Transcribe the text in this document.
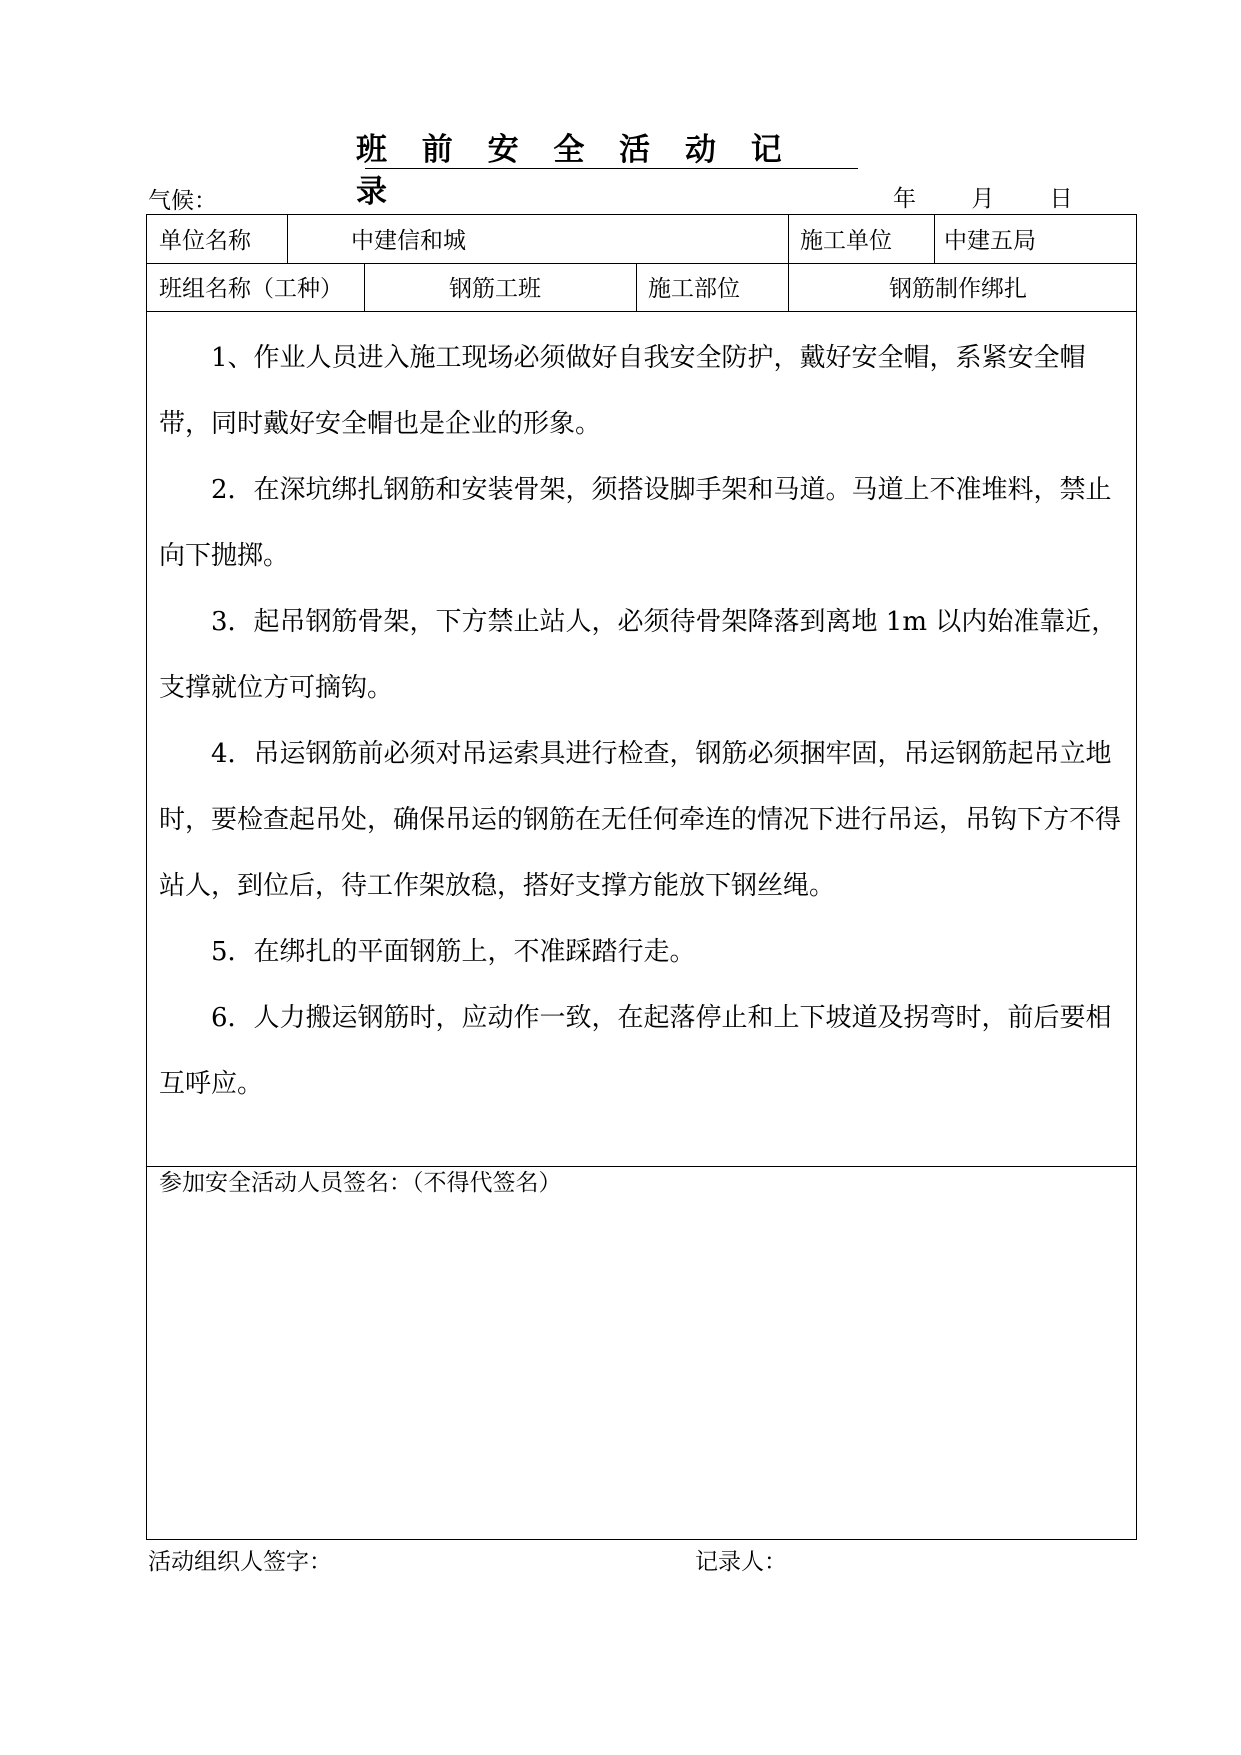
班 前 安 全 活 动 记 录
气候：	年 月 日
单位名称	中建信和城	施工单位 中建五局
班组名称（工种）	钢筋工班	施工部位	钢筋制作绑扎

1、作业人员进入施工现场必须做好自我安全防护，戴好安全帽，系紧安全帽带，同时戴好安全帽也是企业的形象。

2．在深坑绑扎钢筋和安装骨架，须搭设脚手架和马道。马道上不准堆料，禁止向下抛掷。

3．起吊钢筋骨架，下方禁止站人，必须待骨架降落到离地 1m 以内始准靠近，支撑就位方可摘钩。

4．吊运钢筋前必须对吊运索具进行检查，钢筋必须捆牢固，吊运钢筋起吊立地时，要检查起吊处，确保吊运的钢筋在无任何牵连的情况下进行吊运，吊钩下方不得站人，到位后，待工作架放稳，搭好支撑方能放下钢丝绳。

5．在绑扎的平面钢筋上，不准踩踏行走。

6．人力搬运钢筋时，应动作一致，在起落停止和上下坡道及拐弯时，前后要相互呼应。

参加安全活动人员签名：（不得代签名）
活动组织人签字：	记录人：
